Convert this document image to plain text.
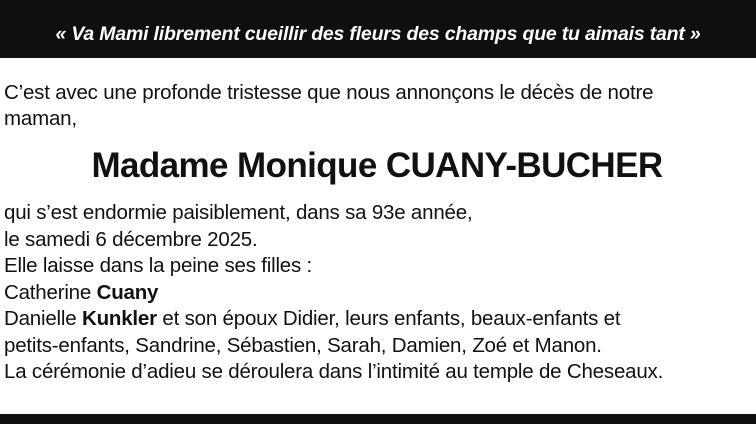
« Va Mami librement cueillir des fleurs des champs que tu aimais tant »

C’est avec une profonde tristesse que nous annonçons le décès de notre
maman,

Madame Monique CUANY-BUCHER

qui s’est endormie paisiblement, dans sa 93e année,

le samedi 6 décembre 2025.

Elle laisse dans la peine ses filles :

Catherine Cuany

Danielle Kunkler et son époux Didier, leurs enfants, beaux-enfants et
petits-enfants, Sandrine, Sébastien, Sarah, Damien, Zoé et Manon.

La cérémonie d’adieu se déroulera dans l’intimité au temple de Cheseaux.
